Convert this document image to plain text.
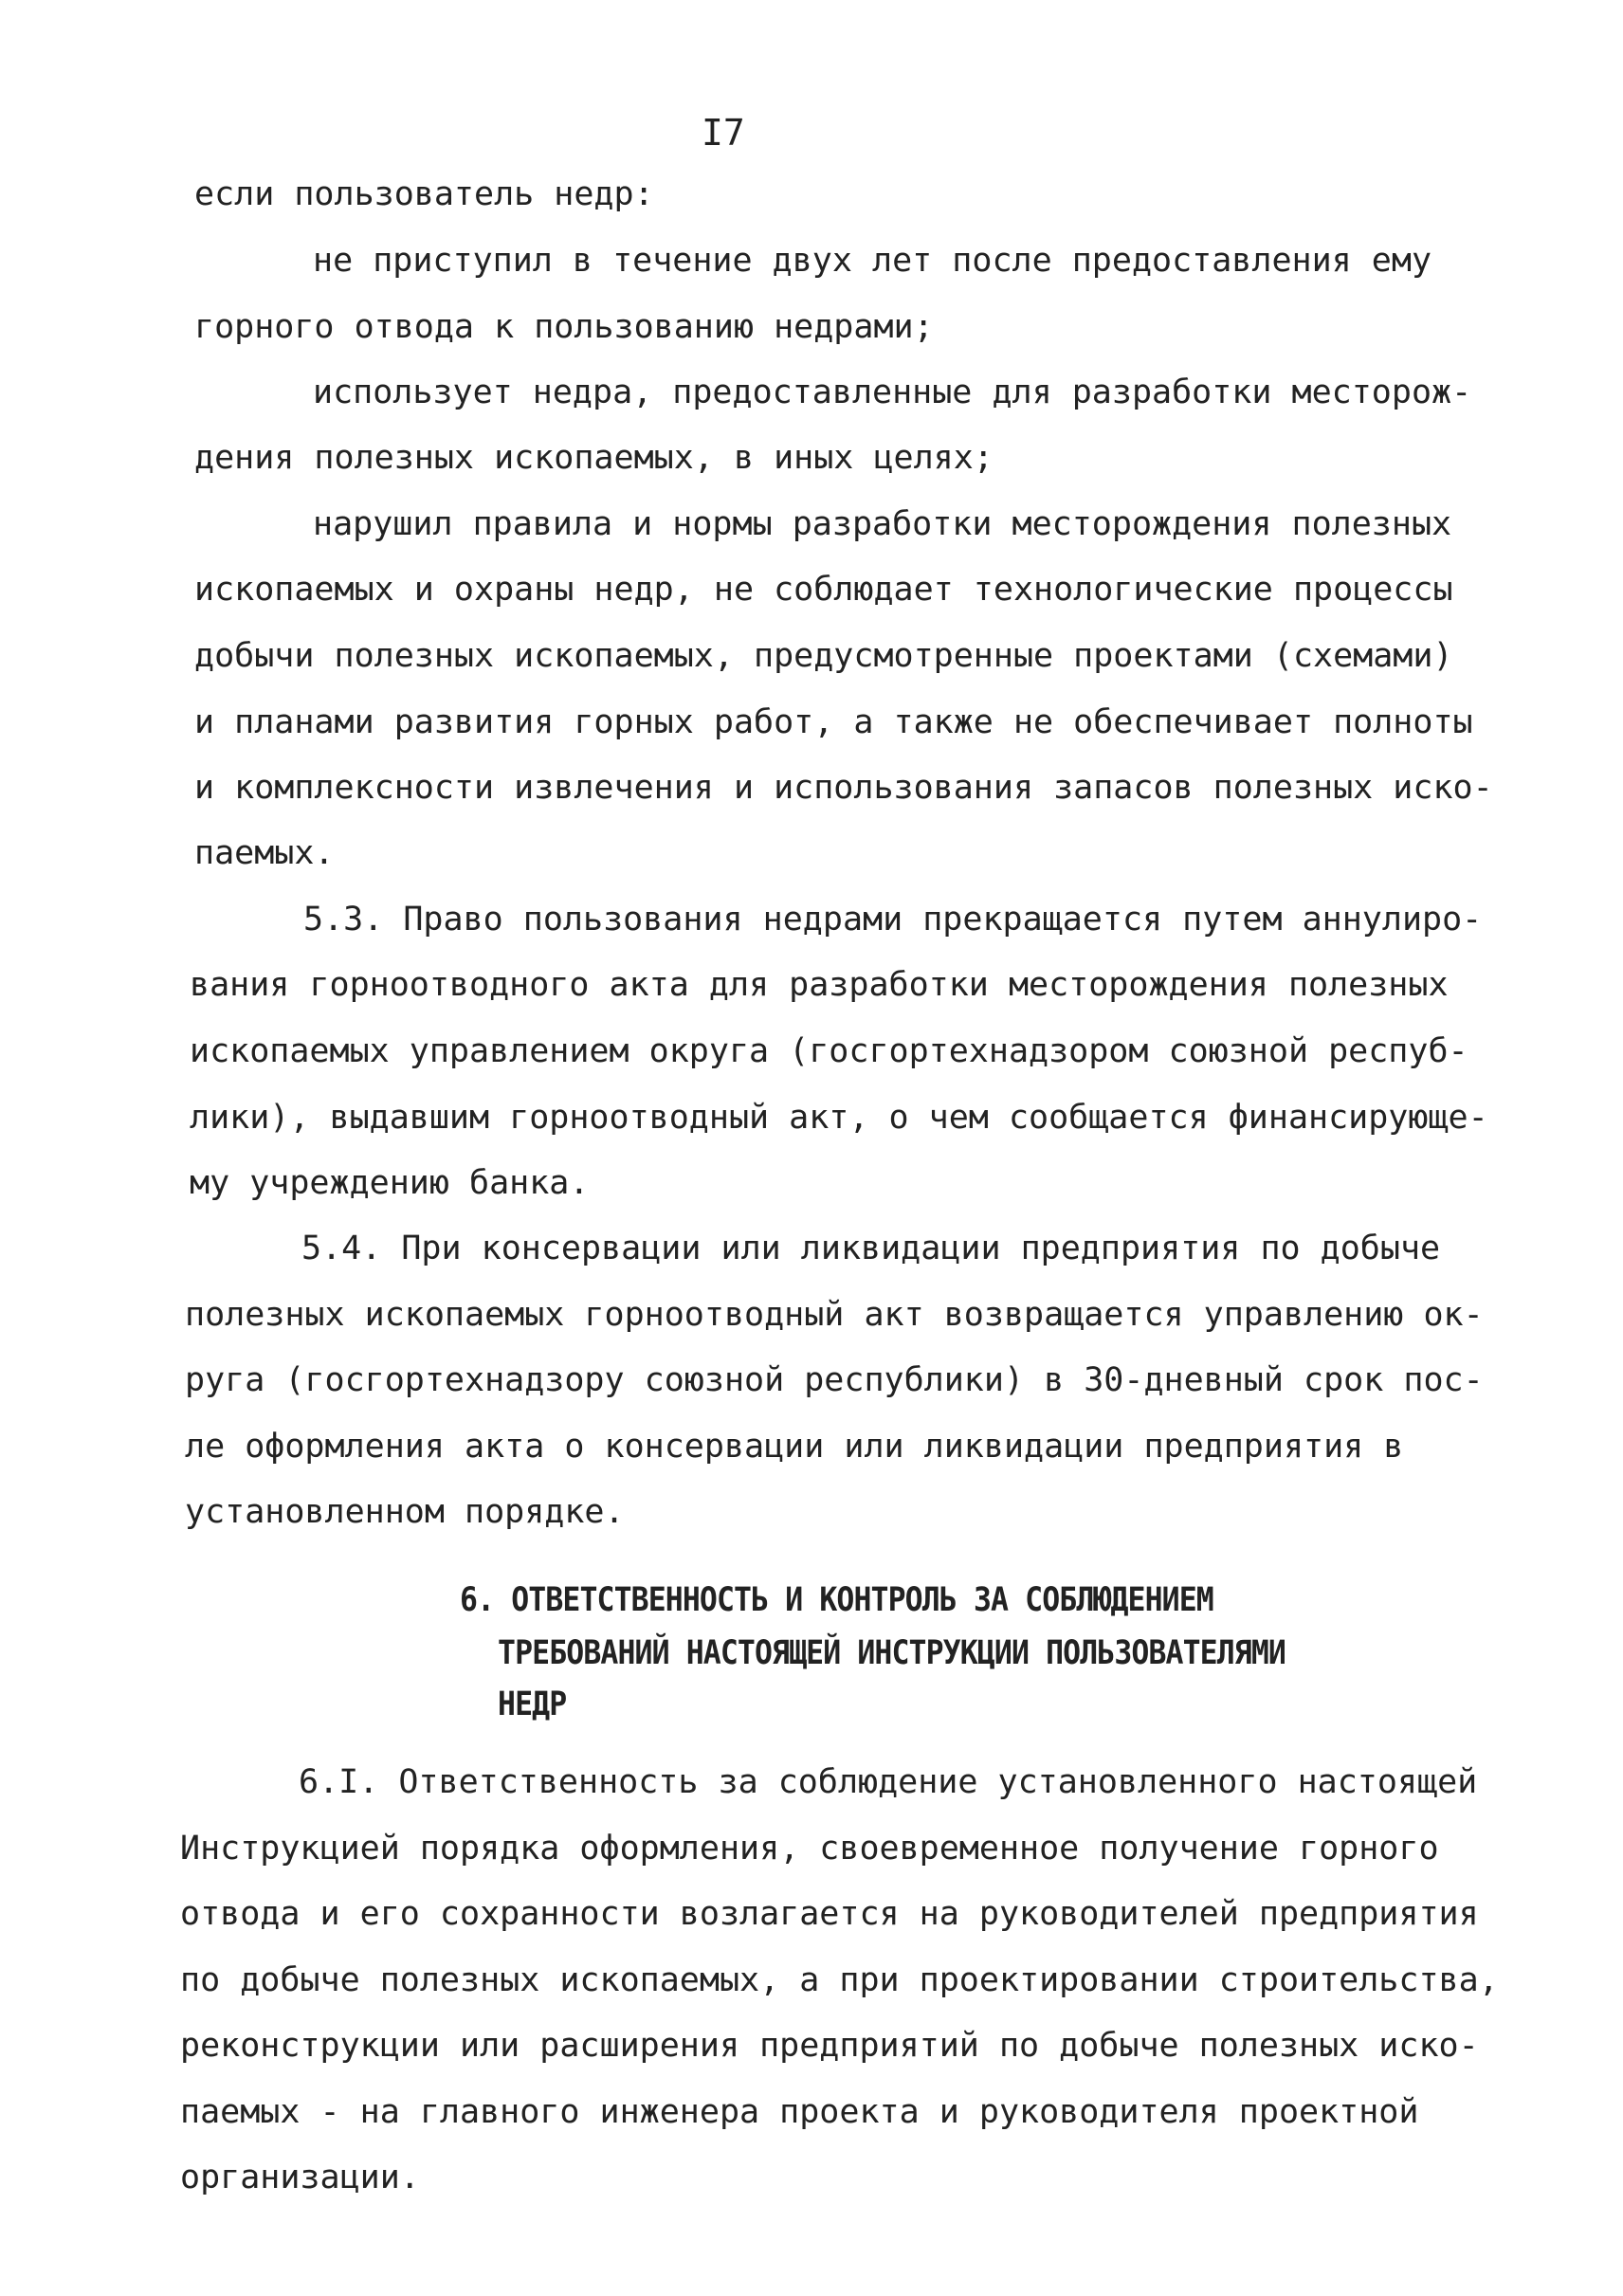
I7
если пользователь недр:
не приступил в течение двух лет после предоставления ему
горного отвода к пользованию недрами;
использует недра, предоставленные для разработки месторож-
дения полезных ископаемых, в иных целях;
нарушил правила и нормы разработки месторождения полезных
ископаемых и охраны недр, не соблюдает технологические процессы
добычи полезных ископаемых, предусмотренные проектами (схемами)
и планами развития горных работ, а также не обеспечивает полноты
и комплексности извлечения и использования запасов полезных иско-
паемых.
5.3. Право пользования недрами прекращается путем аннулиро-
вания горноотводного акта для разработки месторождения полезных
ископаемых управлением округа (госгортехнадзором союзной респуб-
лики), выдавшим горноотводный акт, о чем сообщается финансирующе-
му учреждению банка.
5.4. При консервации или ликвидации предприятия по добыче
полезных ископаемых горноотводный акт возвращается управлению ок-
руга (госгортехнадзору союзной республики) в 30-дневный срок пос-
ле оформления акта о консервации или ликвидации предприятия в
установленном порядке.
6. ОТВЕТСТВЕННОСТЬ И КОНТРОЛЬ ЗА СОБЛЮДЕНИЕМ
ТРЕБОВАНИЙ НАСТОЯЩЕЙ ИНСТРУКЦИИ ПОЛЬЗОВАТЕЛЯМИ
НЕДР
6.I. Ответственность за соблюдение установленного настоящей
Инструкцией порядка оформления, своевременное получение горного
отвода и его сохранности возлагается на руководителей предприятия
по добыче полезных ископаемых, а при проектировании строительства,
реконструкции или расширения предприятий по добыче полезных иско-
паемых - на главного инженера проекта и руководителя проектной
организации.
